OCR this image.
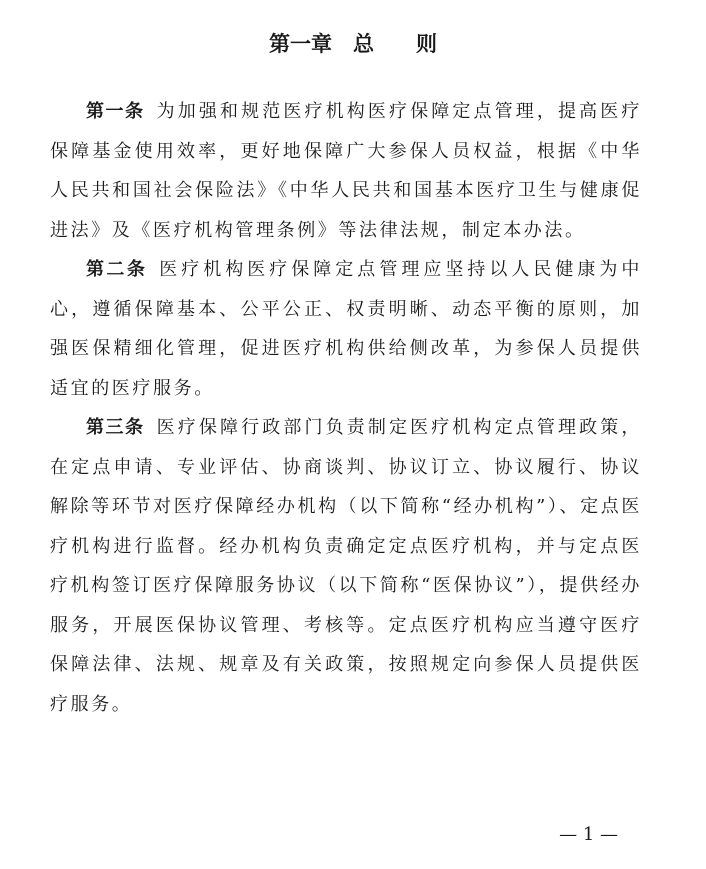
第一章　总　　则

第一条 为加强和规范医疗机构医疗保障定点管理，提高医疗保障基金使用效率，更好地保障广大参保人员权益，根据《中华人民共和国社会保险法》《中华人民共和国基本医疗卫生与健康促进法》及《医疗机构管理条例》等法律法规，制定本办法。

第二条 医疗机构医疗保障定点管理应坚持以人民健康为中心，遵循保障基本、公平公正、权责明晰、动态平衡的原则，加强医保精细化管理，促进医疗机构供给侧改革，为参保人员提供适宜的医疗服务。

第三条 医疗保障行政部门负责制定医疗机构定点管理政策，在定点申请、专业评估、协商谈判、协议订立、协议履行、协议解除等环节对医疗保障经办机构（以下简称“经办机构”）、定点医疗机构进行监督。经办机构负责确定定点医疗机构，并与定点医疗机构签订医疗保障服务协议（以下简称“医保协议”），提供经办服务，开展医保协议管理、考核等。定点医疗机构应当遵守医疗保障法律、法规、规章及有关政策，按照规定向参保人员提供医疗服务。

— 1 —
